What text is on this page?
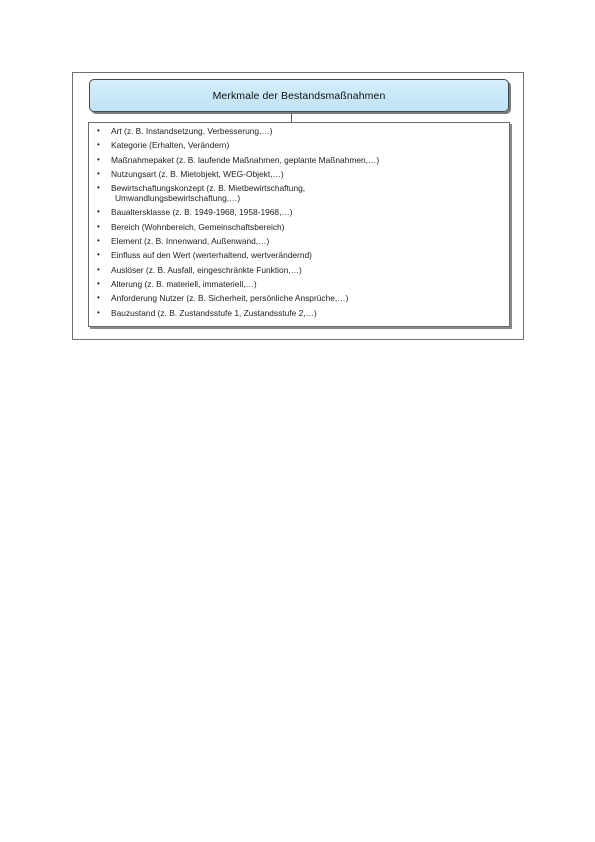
Merkmale der Bestandsmaßnahmen
• Art (z. B. Instandsetzung, Verbesserung,…)
• Kategorie (Erhalten, Verändern)
• Maßnahmepaket (z. B. laufende Maßnahmen, geplante Maßnahmen,…)
• Nutzungsart (z. B. Mietobjekt, WEG-Objekt,…)
• Bewirtschaftungskonzept (z. B. Mietbewirtschaftung,
Umwandlungsbewirtschaftung,…)
• Baualtersklasse (z. B. 1949-1968, 1958-1968,…)
• Bereich (Wohnbereich, Gemeinschaftsbereich)
• Element (z. B. Innenwand, Außenwand,…)
• Einfluss auf den Wert (werterhaltend, wertverändernd)
• Auslöser (z. B. Ausfall, eingeschränkte Funktion,…)
• Alterung (z. B. materiell, immateriell,…)
• Anforderung Nutzer (z. B. Sicherheit, persönliche Ansprüche,…)
• Bauzustand (z. B. Zustandsstufe 1, Zustandsstufe 2,…)
